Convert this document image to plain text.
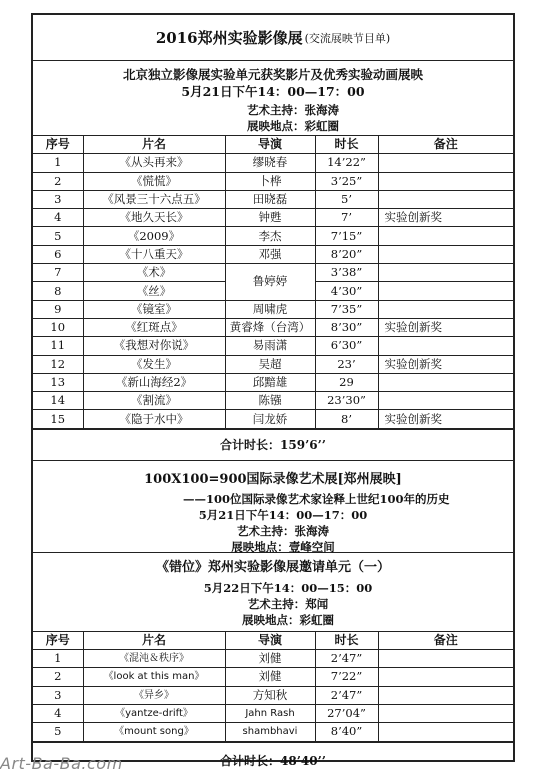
2016郑州实验影像展 (交流展映节目单)
北京独立影像展实验单元获奖影片及优秀实验动画展映
5月21日下午14：00—17：00
艺术主持：张海涛
展映地点：彩虹圈
序号	片名	导演	时长	备注
1	《从头再来》	缪晓春	14’22”	
2	《慌慌》	卜桦	3’25”	
3	《风景三十六点五》	田晓磊	5’	
4	《地久天长》	钟甦	7’	实验创新奖
5	《2009》	李杰	7’15”	
6	《十八重天》	邓强	8’20”	
7	《术》	鲁婷婷	3’38”	
8	《丝》		4’30”	
9	《镜室》	周啸虎	7’35”	
10	《红斑点》	黄睿烽（台湾）	8’30”	实验创新奖
11	《我想对你说》	易雨潇	6’30”	
12	《发生》	吴超	23’	实验创新奖
13	《新山海经2》	邱黯雄	29	
14	《割流》	陈镪	23’30”	
15	《隐于水中》	闫龙娇	8’	实验创新奖
合计时长：159’6’’
100X100=900国际录像艺术展[郑州展映]
——100位国际录像艺术家诠释上世纪100年的历史
5月21日下午14：00—17：00
艺术主持：张海涛
展映地点：壹峰空间
《错位》郑州实验影像展邀请单元（一）
5月22日下午14：00—15：00
艺术主持：郑闻
展映地点：彩虹圈
序号	片名	导演	时长	备注
1	《混沌＆秩序》	刘健	2’47”	
2	《look at this man》	刘健	7’22”	
3	《异乡》	方知秋	2’47”	
4	《yantze-drift》	Jahn Rash	27’04”	
5	《mount song》	shambhavi	8’40”	
合计时长：48’40’’
Art-Ba-Ba.com
